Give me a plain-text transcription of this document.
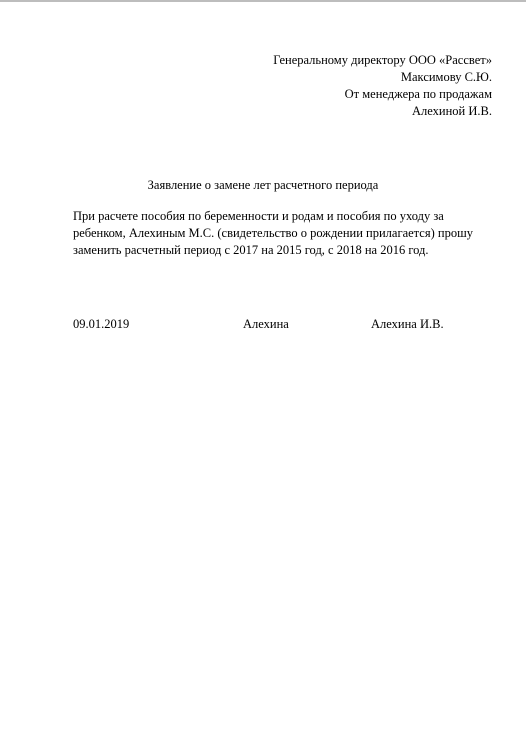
Генеральному директору ООО «Рассвет»
Максимову С.Ю.
От менеджера по продажам
Алехиной И.В.
Заявление о замене лет расчетного периода
При расчете пособия по беременности и родам и пособия по уходу за
ребенком, Алехиным М.С. (свидетельство о рождении прилагается) прошу
заменить расчетный период с 2017 на 2015 год, с 2018 на 2016 год.
09.01.2019	Алехина	Алехина И.В.
